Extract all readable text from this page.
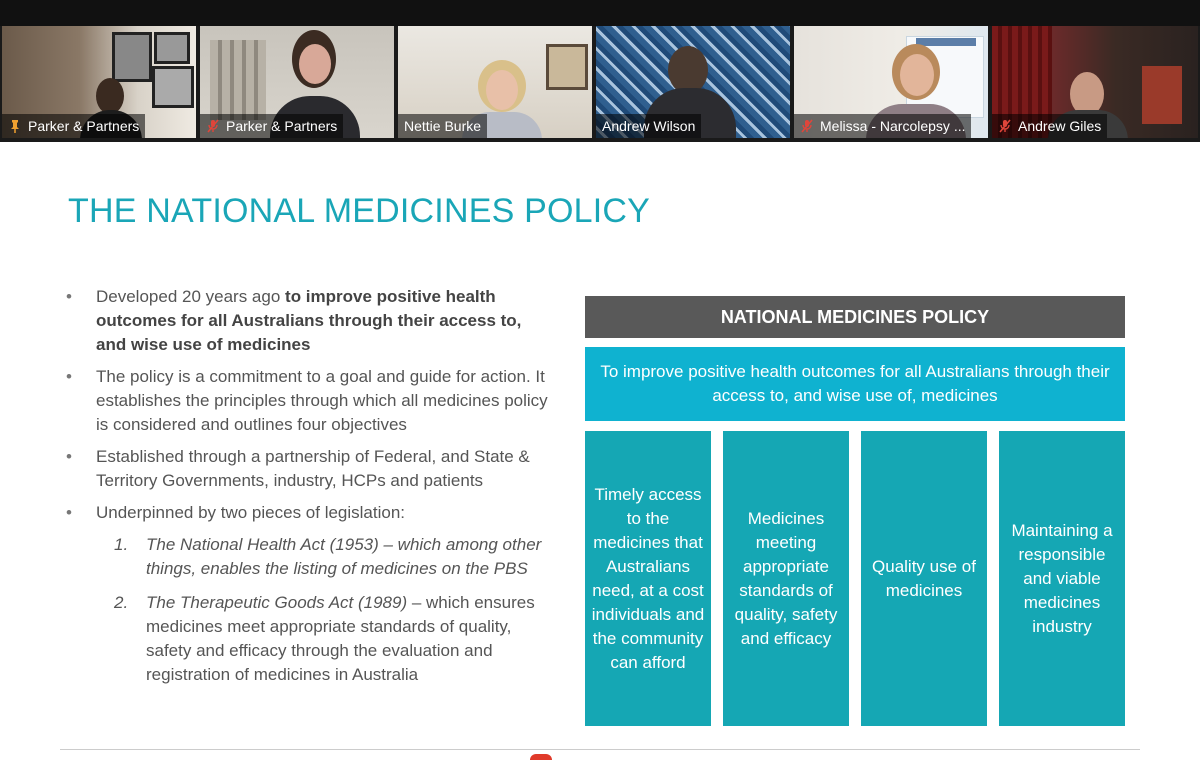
Parker & Partners	Parker & Partners	Nettie Burke	Andrew Wilson	Melissa - Narcolepsy ...	Andrew Giles
THE NATIONAL MEDICINES POLICY
• Developed 20 years ago to improve positive health outcomes for all Australians through their access to, and wise use of medicines
• The policy is a commitment to a goal and guide for action. It establishes the principles through which all medicines policy is considered and outlines four objectives
• Established through a partnership of Federal, and State & Territory Governments, industry, HCPs and patients
• Underpinned by two pieces of legislation:
1. The National Health Act (1953) – which among other things, enables the listing of medicines on the PBS
2. The Therapeutic Goods Act (1989) – which ensures medicines meet appropriate standards of quality, safety and efficacy through the evaluation and registration of medicines in Australia
NATIONAL MEDICINES POLICY
To improve positive health outcomes for all Australians through their access to, and wise use of, medicines
Timely access to the medicines that Australians need, at a cost individuals and the community can afford
Medicines meeting appropriate standards of quality, safety and efficacy
Quality use of medicines
Maintaining a responsible and viable medicines industry
